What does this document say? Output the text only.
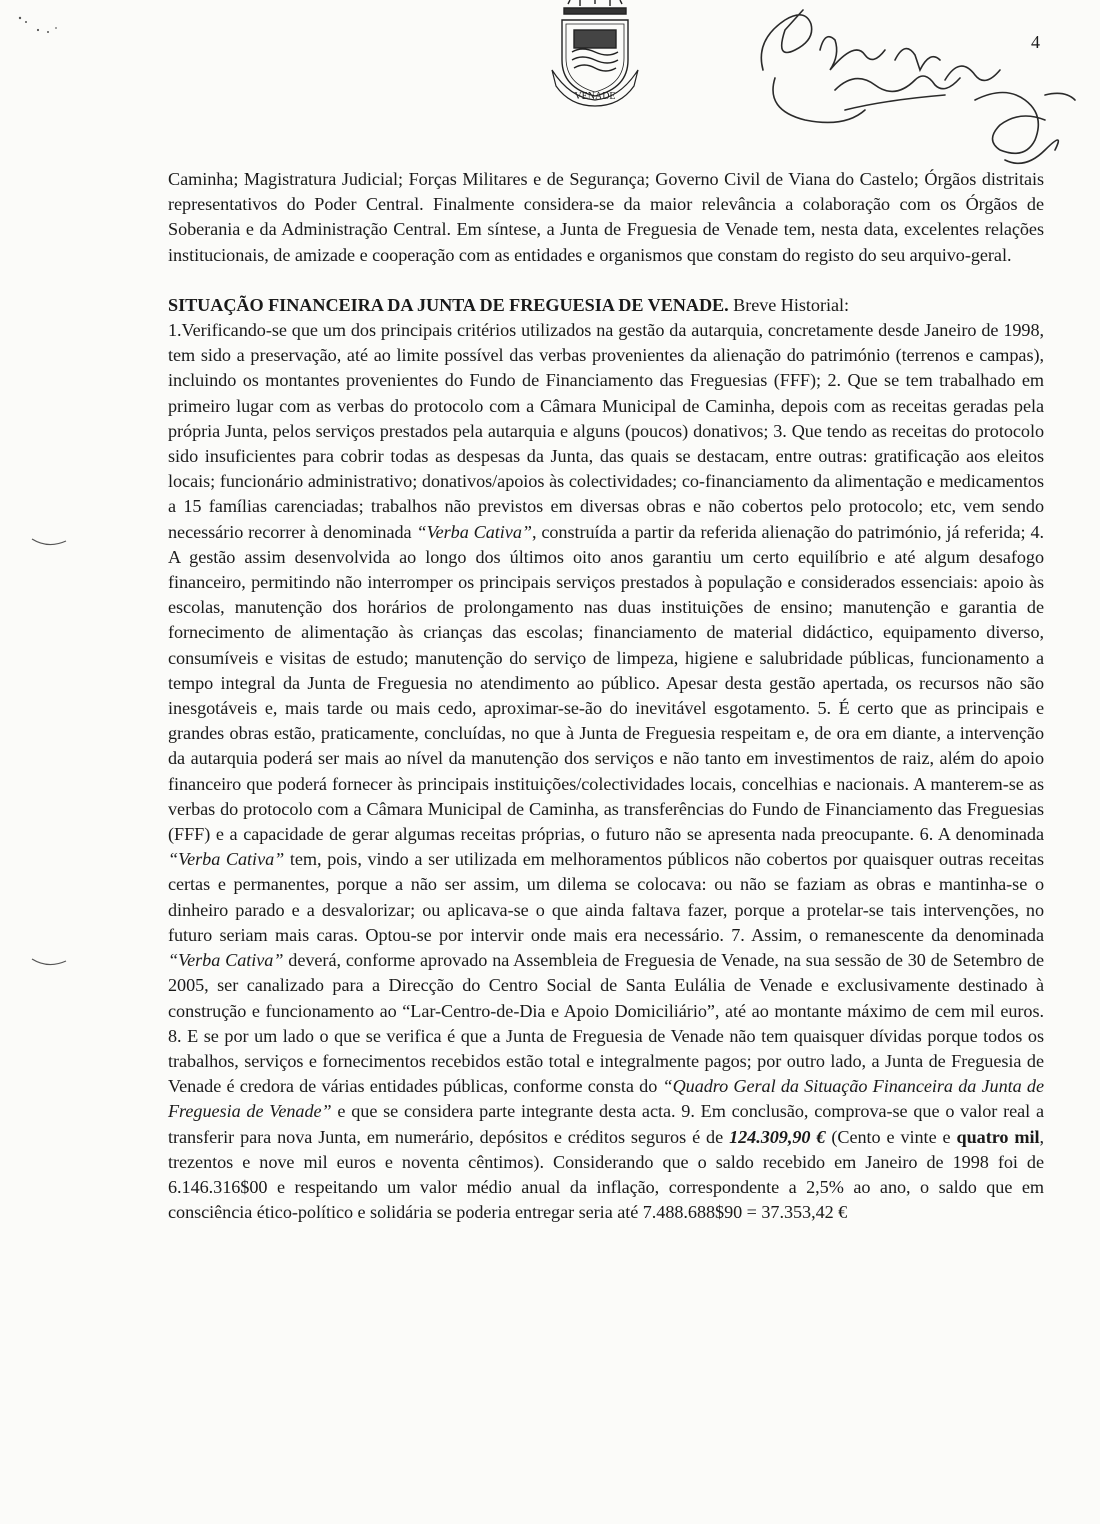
VENADE
4

Caminha; Magistratura Judicial; Forças Militares e de Segurança; Governo Civil de Viana do Castelo; Órgãos distritais representativos do Poder Central. Finalmente considera-se da maior relevância a colaboração com os Órgãos de Soberania e da Administração Central. Em síntese, a Junta de Freguesia de Venade tem, nesta data, excelentes relações institucionais, de amizade e cooperação com as entidades e organismos que constam do registo do seu arquivo-geral.

SITUAÇÃO FINANCEIRA DA JUNTA DE FREGUESIA DE VENADE. Breve Historial:
1.Verificando-se que um dos principais critérios utilizados na gestão da autarquia, concretamente desde Janeiro de 1998, tem sido a preservação, até ao limite possível das verbas provenientes da alienação do património (terrenos e campas), incluindo os montantes provenientes do Fundo de Financiamento das Freguesias (FFF); 2. Que se tem trabalhado em primeiro lugar com as verbas do protocolo com a Câmara Municipal de Caminha, depois com as receitas geradas pela própria Junta, pelos serviços prestados pela autarquia e alguns (poucos) donativos; 3. Que tendo as receitas do protocolo sido insuficientes para cobrir todas as despesas da Junta, das quais se destacam, entre outras: gratificação aos eleitos locais; funcionário administrativo; donativos/apoios às colectividades; co-financiamento da alimentação e medicamentos a 15 famílias carenciadas; trabalhos não previstos em diversas obras e não cobertos pelo protocolo; etc, vem sendo necessário recorrer à denominada “Verba Cativa”, construída a partir da referida alienação do património, já referida; 4. A gestão assim desenvolvida ao longo dos últimos oito anos garantiu um certo equilíbrio e até algum desafogo financeiro, permitindo não interromper os principais serviços prestados à população e considerados essenciais: apoio às escolas, manutenção dos horários de prolongamento nas duas instituições de ensino; manutenção e garantia de fornecimento de alimentação às crianças das escolas; financiamento de material didáctico, equipamento diverso, consumíveis e visitas de estudo; manutenção do serviço de limpeza, higiene e salubridade públicas, funcionamento a tempo integral da Junta de Freguesia no atendimento ao público. Apesar desta gestão apertada, os recursos não são inesgotáveis e, mais tarde ou mais cedo, aproximar-se-ão do inevitável esgotamento. 5. É certo que as principais e grandes obras estão, praticamente, concluídas, no que à Junta de Freguesia respeitam e, de ora em diante, a intervenção da autarquia poderá ser mais ao nível da manutenção dos serviços e não tanto em investimentos de raiz, além do apoio financeiro que poderá fornecer às principais instituições/colectividades locais, concelhias e nacionais. A manterem-se as verbas do protocolo com a Câmara Municipal de Caminha, as transferências do Fundo de Financiamento das Freguesias (FFF) e a capacidade de gerar algumas receitas próprias, o futuro não se apresenta nada preocupante. 6. A denominada “Verba Cativa” tem, pois, vindo a ser utilizada em melhoramentos públicos não cobertos por quaisquer outras receitas certas e permanentes, porque a não ser assim, um dilema se colocava: ou não se faziam as obras e mantinha-se o dinheiro parado e a desvalorizar; ou aplicava-se o que ainda faltava fazer, porque a protelar-se tais intervenções, no futuro seriam mais caras. Optou-se por intervir onde mais era necessário. 7. Assim, o remanescente da denominada “Verba Cativa” deverá, conforme aprovado na Assembleia de Freguesia de Venade, na sua sessão de 30 de Setembro de 2005, ser canalizado para a Direcção do Centro Social de Santa Eulália de Venade e exclusivamente destinado à construção e funcionamento ao “Lar-Centro-de-Dia e Apoio Domiciliário”, até ao montante máximo de cem mil euros. 8. E se por um lado o que se verifica é que a Junta de Freguesia de Venade não tem quaisquer dívidas porque todos os trabalhos, serviços e fornecimentos recebidos estão total e integralmente pagos; por outro lado, a Junta de Freguesia de Venade é credora de várias entidades públicas, conforme consta do “Quadro Geral da Situação Financeira da Junta de Freguesia de Venade” e que se considera parte integrante desta acta. 9. Em conclusão, comprova-se que o valor real a transferir para nova Junta, em numerário, depósitos e créditos seguros é de 124.309,90 € (Cento e vinte e quatro mil, trezentos e nove mil euros e noventa cêntimos). Considerando que o saldo recebido em Janeiro de 1998 foi de 6.146.316$00 e respeitando um valor médio anual da inflação, correspondente a 2,5% ao ano, o saldo que em consciência ético-político e solidária se poderia entregar seria até 7.488.688$90 = 37.353,42 €
